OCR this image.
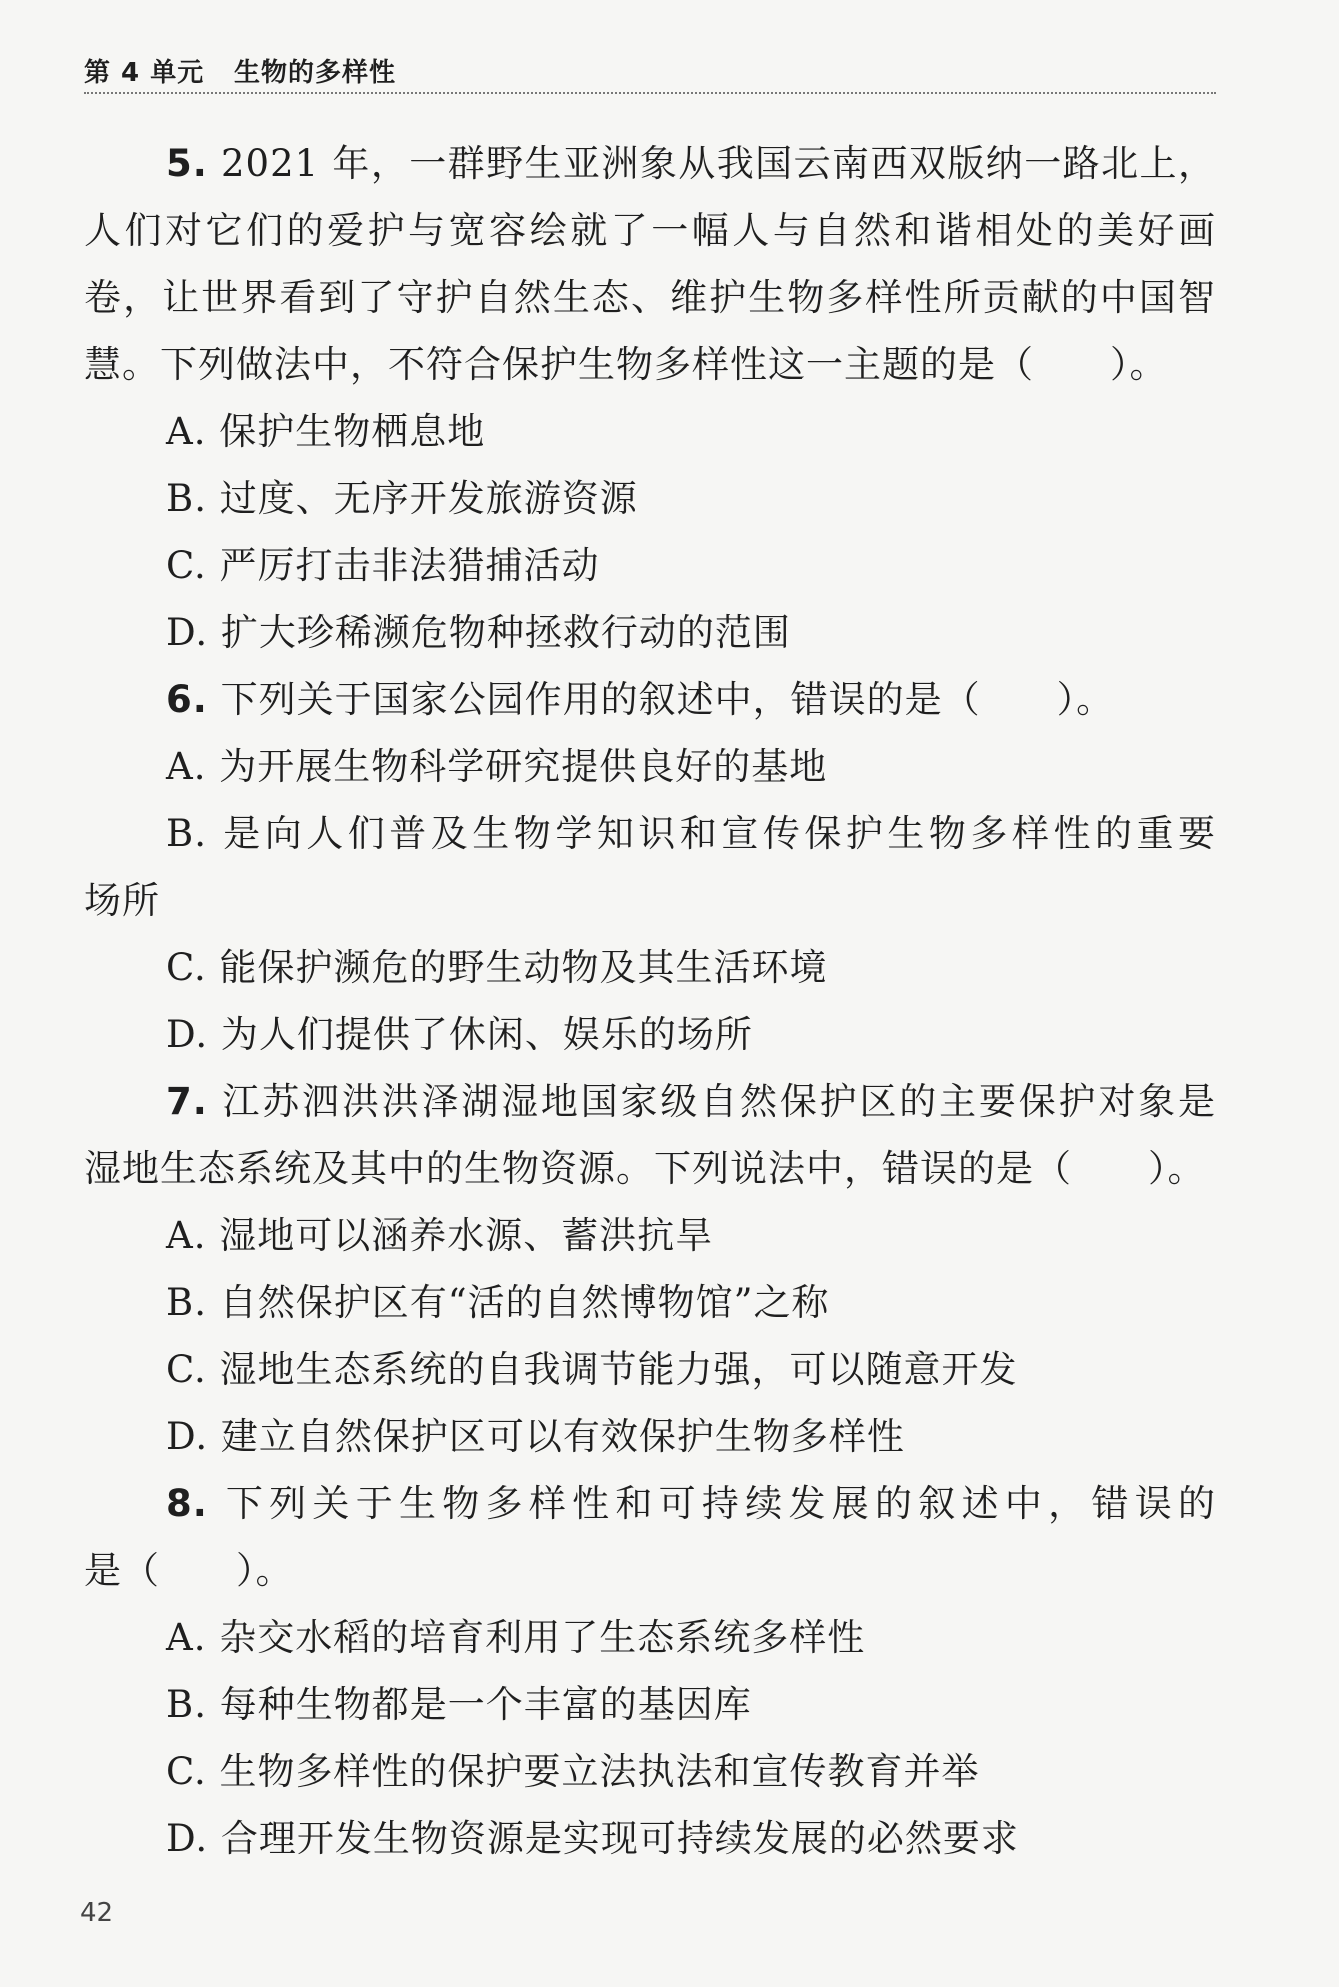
第 4 单元 生物的多样性
5. 2021 年，一群野生亚洲象从我国云南西双版纳一路北上，
人们对它们的爱护与宽容绘就了一幅人与自然和谐相处的美好画
卷，让世界看到了守护自然生态、维护生物多样性所贡献的中国智
慧。下列做法中，不符合保护生物多样性这一主题的是（　　）。
A. 保护生物栖息地
B. 过度、无序开发旅游资源
C. 严厉打击非法猎捕活动
D. 扩大珍稀濒危物种拯救行动的范围
6. 下列关于国家公园作用的叙述中，错误的是（　　）。
A. 为开展生物科学研究提供良好的基地
B. 是向人们普及生物学知识和宣传保护生物多样性的重要
场所
C. 能保护濒危的野生动物及其生活环境
D. 为人们提供了休闲、娱乐的场所
7. 江苏泗洪洪泽湖湿地国家级自然保护区的主要保护对象是
湿地生态系统及其中的生物资源。下列说法中，错误的是（　　）。
A. 湿地可以涵养水源、蓄洪抗旱
B. 自然保护区有“活的自然博物馆”之称
C. 湿地生态系统的自我调节能力强，可以随意开发
D. 建立自然保护区可以有效保护生物多样性
8. 下列关于生物多样性和可持续发展的叙述中，错误的
是（　　）。
A. 杂交水稻的培育利用了生态系统多样性
B. 每种生物都是一个丰富的基因库
C. 生物多样性的保护要立法执法和宣传教育并举
D. 合理开发生物资源是实现可持续发展的必然要求
42
